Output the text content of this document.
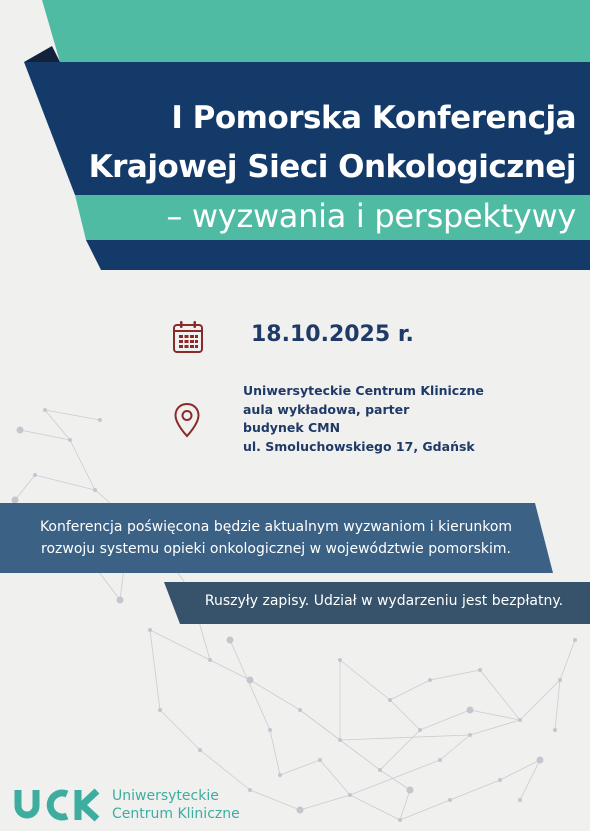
I Pomorska Konferencja
Krajowej Sieci Onkologicznej
– wyzwania i perspektywy
18.10.2025 r.
Uniwersyteckie Centrum Kliniczne
aula wykładowa, parter
budynek CMN
ul. Smoluchowskiego 17, Gdańsk
Konferencja poświęcona będzie aktualnym wyzwaniom i kierunkom
rozwoju systemu opieki onkologicznej w województwie pomorskim.
Ruszyły zapisy. Udział w wydarzeniu jest bezpłatny.
Uniwersyteckie
Centrum Kliniczne
